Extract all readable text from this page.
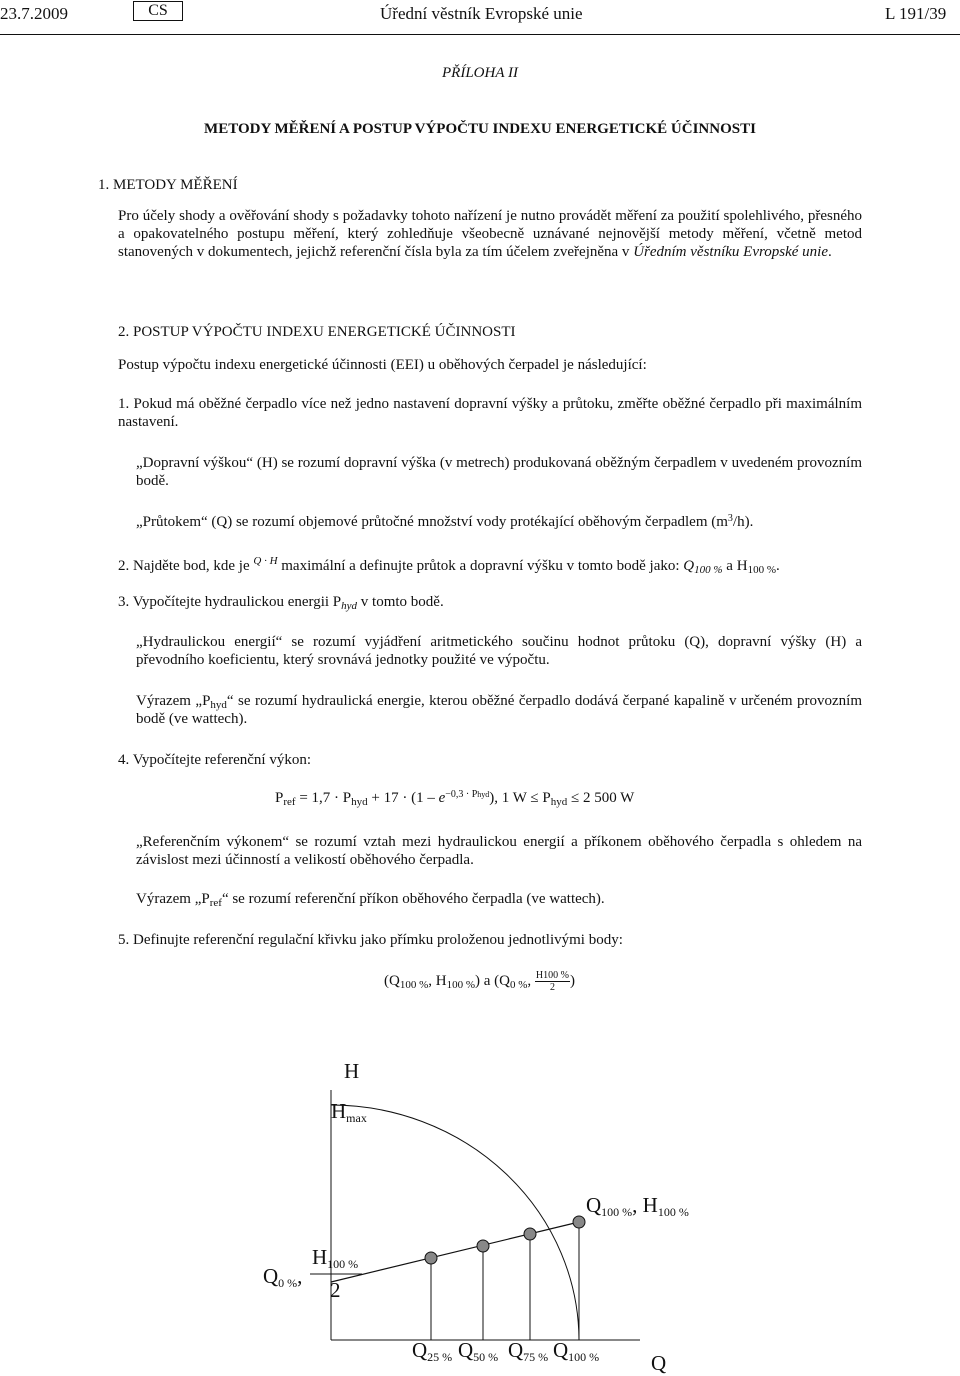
23.7.2009	CS	Úřední věstník Evropské unie	L 191/39
PŘÍLOHA II
METODY MĚŘENÍ A POSTUP VÝPOČTU INDEXU ENERGETICKÉ ÚČINNOSTI
1. METODY MĚŘENÍ
Pro účely shody a ověřování shody s požadavky tohoto nařízení je nutno provádět měření za použití spolehlivého, přesného a opakovatelného postupu měření, který zohledňuje všeobecně uznávané nejnovější metody měření, včetně metod stanovených v dokumentech, jejichž referenční čísla byla za tím účelem zveřejněna v Úředním věstníku Evropské unie.
2. POSTUP VÝPOČTU INDEXU ENERGETICKÉ ÚČINNOSTI
Postup výpočtu indexu energetické účinnosti (EEI) u oběhových čerpadel je následující:
1. Pokud má oběžné čerpadlo více než jedno nastavení dopravní výšky a průtoku, změřte oběžné čerpadlo při maximálním nastavení.
„Dopravní výškou“ (H) se rozumí dopravní výška (v metrech) produkovaná oběžným čerpadlem v uvedeném provozním bodě.
„Průtokem“ (Q) se rozumí objemové průtočné množství vody protékající oběhovým čerpadlem $(m^3/h)$.
2. Najděte bod, kde je $^{Q \cdot H}$ maximální a definujte průtok a dopravní výšku v tomto bodě jako: $Q_{100 \%}$ a $H_{100 \%}$.
3. Vypočítejte hydraulickou energii $P_{hyd}$ v tomto bodě.
„Hydraulickou energií“ se rozumí vyjádření aritmetického součinu hodnot průtoku (Q), dopravní výšky (H) a převodního koeficientu, který srovnává jednotky použité ve výpočtu.
Výrazem $„P_{hyd}“$ se rozumí hydraulická energie, kterou oběžné čerpadlo dodává čerpané kapalině v určeném provozním bodě (ve wattech).
4. Vypočítejte referenční výkon:
$P_{ref} = 1,7 \cdot P_{hyd} + 17 \cdot (1 - e^{-0,3 \cdot Phyd})$, 1 $W \le P_{hyd} \le 2$ 500 W
„Referenčním výkonem“ se rozumí vztah mezi hydraulickou energií a příkonem oběhového čerpadla s ohledem na závislost mezi účinností a velikostí oběhového čerpadla.
Výrazem $„P_{ref}“$ se rozumí referenční příkon oběhového čerpadla (ve wattech).
5. Definujte referenční regulační křivku jako přímku proloženou jednotlivými body:
($Q_{100 \%}$, $H_{100 \%}$) a ($Q_{0 \%}$, $\frac{H100 \%}{2}$ )
H
Hmax
Q100 %, H100 %
Q0 %,
H100 %
2
Q25 % Q50 % Q75 % Q100 % Q
